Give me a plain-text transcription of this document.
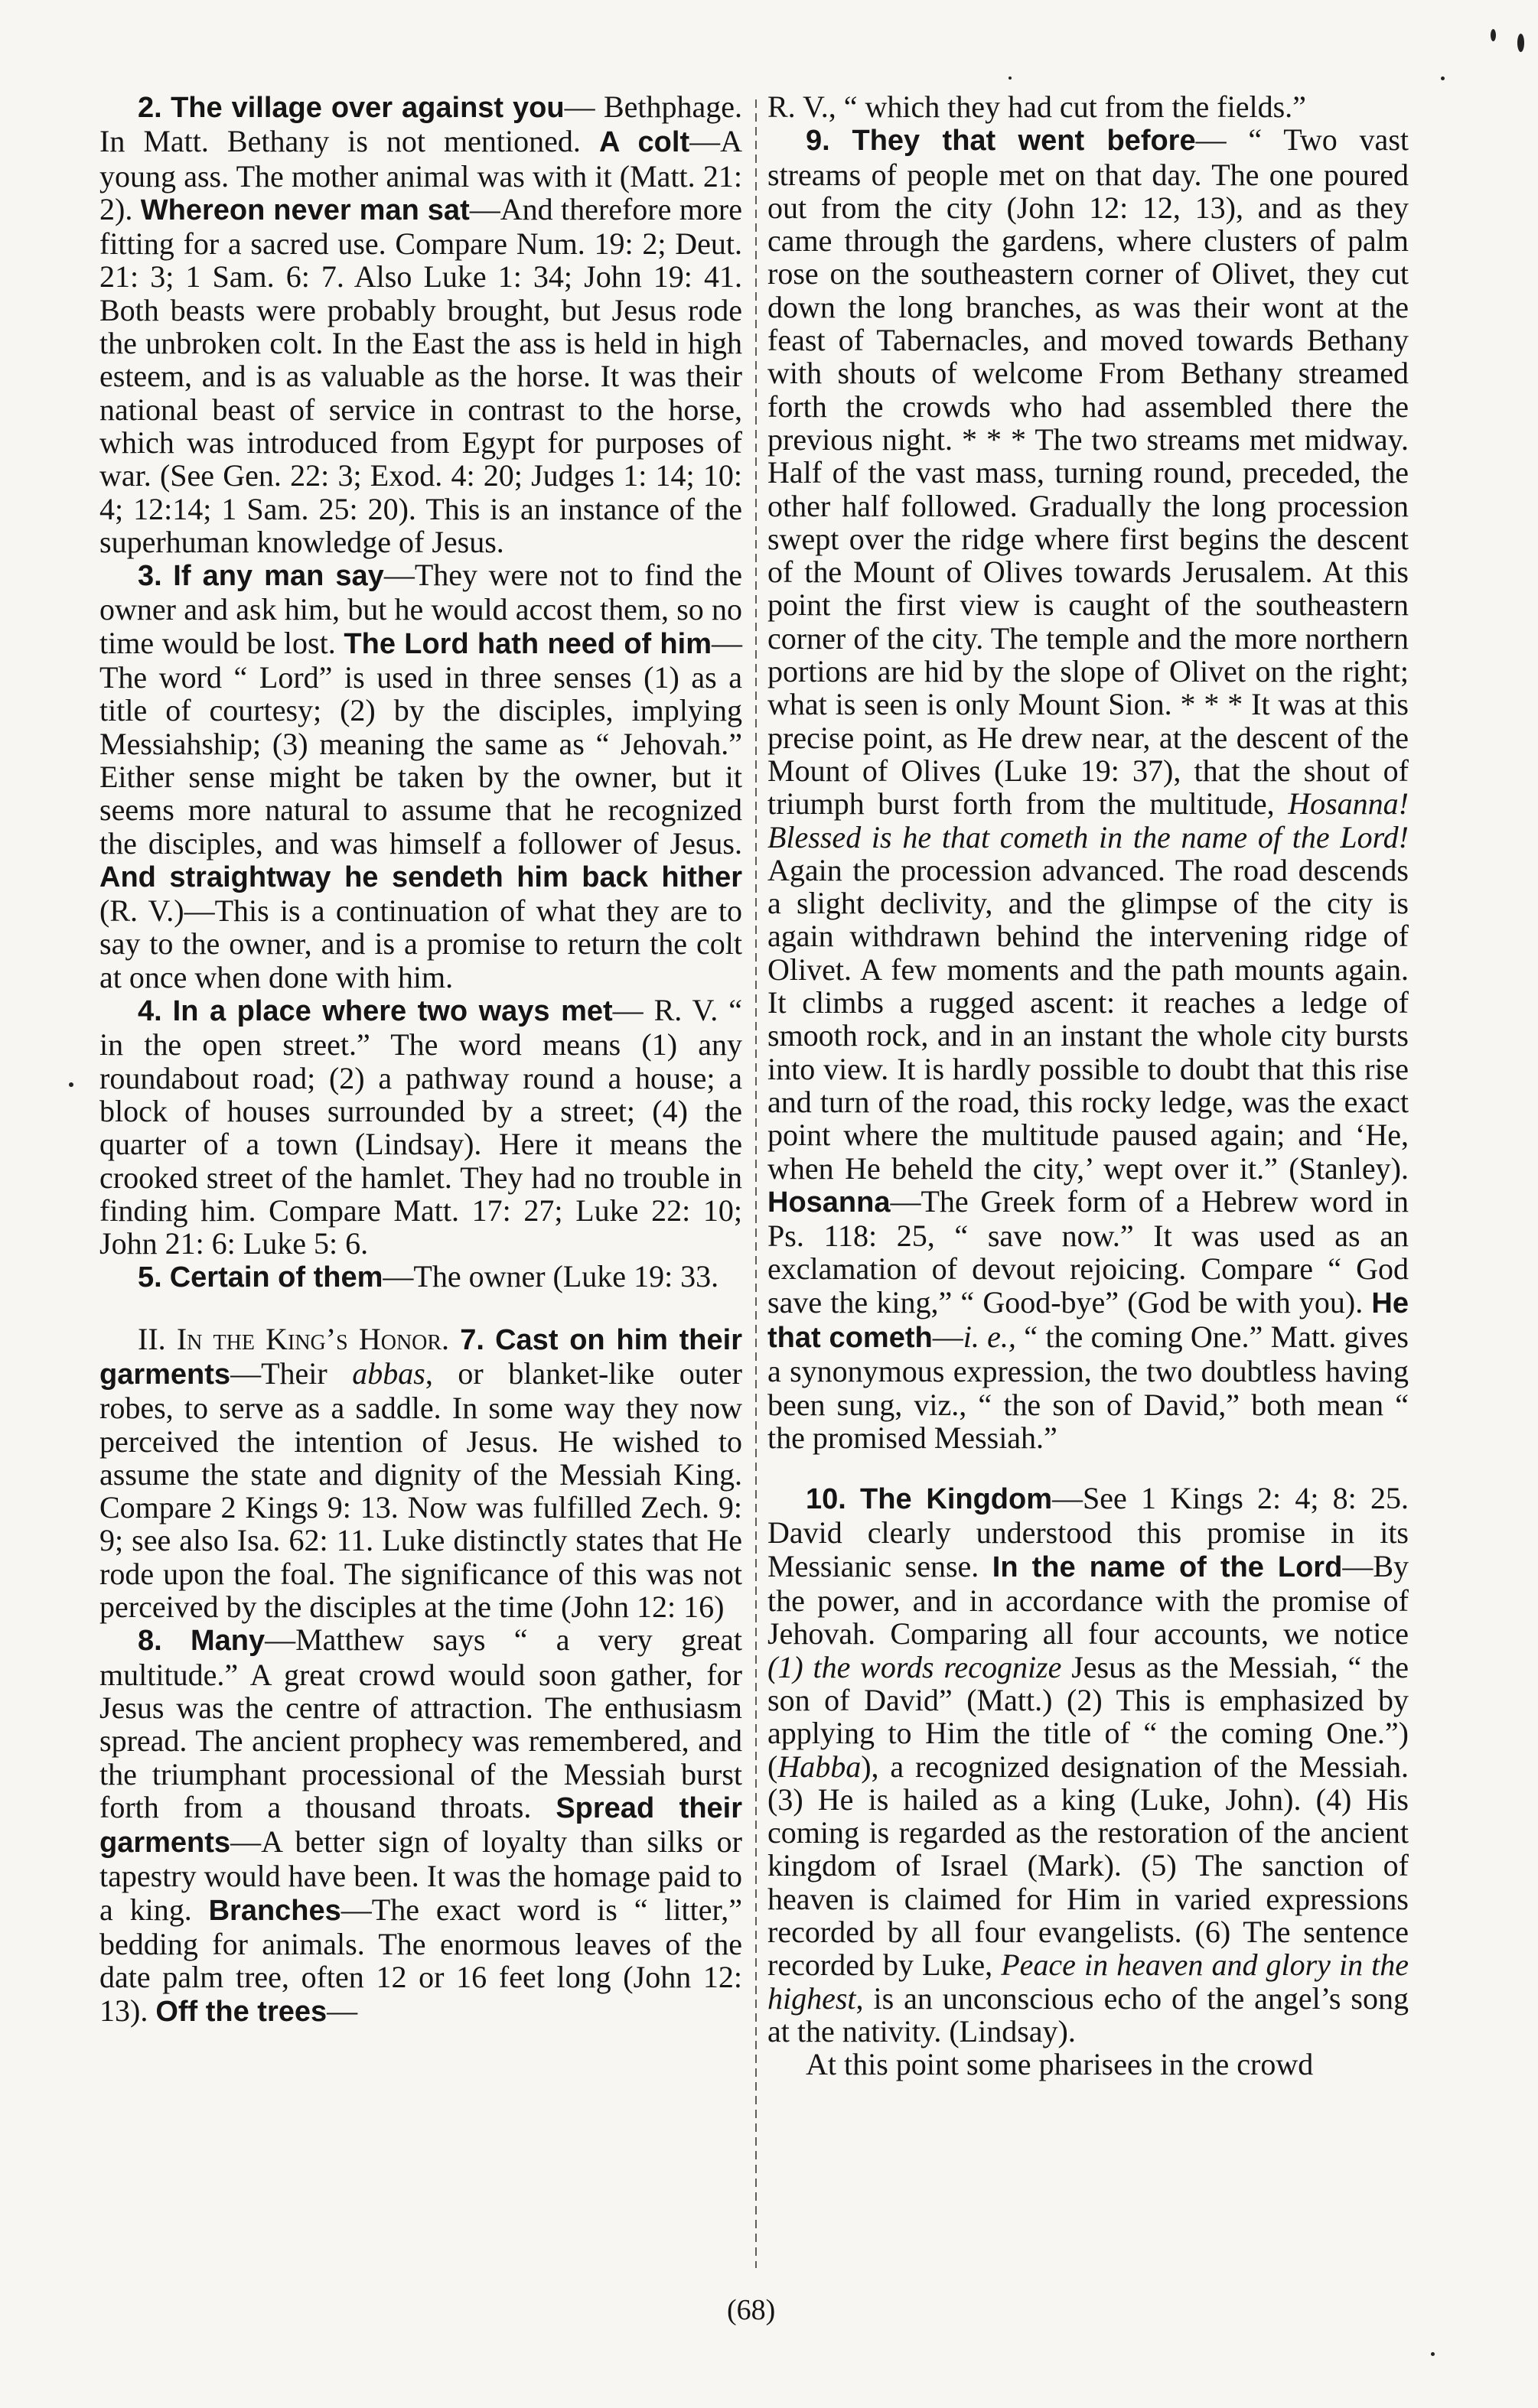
2. The village over against you— Bethphage. In Matt. Bethany is not mentioned. A colt—A young ass. The mother animal was with it (Matt. 21: 2). Whereon never man sat—And therefore more fitting for a sacred use. Compare Num. 19: 2; Deut. 21: 3; 1 Sam. 6: 7. Also Luke 1: 34; John 19: 41. Both beasts were probably brought, but Jesus rode the unbroken colt. In the East the ass is held in high esteem, and is as valuable as the horse. It was their national beast of service in contrast to the horse, which was introduced from Egypt for purposes of war. (See Gen. 22: 3; Exod. 4: 20; Judges 1: 14; 10: 4; 12:14; 1 Sam. 25: 20). This is an instance of the superhuman knowledge of Jesus.

3. If any man say—They were not to find the owner and ask him, but he would accost them, so no time would be lost. The Lord hath need of him—The word “ Lord” is used in three senses (1) as a title of courtesy; (2) by the disciples, implying Messiahship; (3) meaning the same as “ Jehovah.” Either sense might be taken by the owner, but it seems more natural to assume that he recognized the disciples, and was himself a follower of Jesus. And straightway he sendeth him back hither (R. V.)—This is a continuation of what they are to say to the owner, and is a promise to return the colt at once when done with him.

4. In a place where two ways met— R. V. “ in the open street.” The word means (1) any roundabout road; (2) a pathway round a house; a block of houses surrounded by a street; (4) the quarter of a town (Lindsay). Here it means the crooked street of the hamlet. They had no trouble in finding him. Compare Matt. 17: 27; Luke 22: 10; John 21: 6: Luke 5: 6.

5. Certain of them—The owner (Luke 19: 33.

II. In the King’s Honor. 7. Cast on him their garments—Their abbas, or blanket-like outer robes, to serve as a saddle. In some way they now perceived the intention of Jesus. He wished to assume the state and dignity of the Messiah King. Compare 2 Kings 9: 13. Now was fulfilled Zech. 9: 9; see also Isa. 62: 11. Luke distinctly states that He rode upon the foal. The significance of this was not perceived by the disciples at the time (John 12: 16)

8. Many—Matthew says “ a very great multitude.” A great crowd would soon gather, for Jesus was the centre of attraction. The enthusiasm spread. The ancient prophecy was remembered, and the triumphant processional of the Messiah burst forth from a thousand throats. Spread their garments—A better sign of loyalty than silks or tapestry would have been. It was the homage paid to a king. Branches—The exact word is “ litter,” bedding for animals. The enormous leaves of the date palm tree, often 12 or 16 feet long (John 12: 13). Off the trees—

R. V., “ which they had cut from the fields.”

9. They that went before— “ Two vast streams of people met on that day. The one poured out from the city (John 12: 12, 13), and as they came through the gardens, where clusters of palm rose on the southeastern corner of Olivet, they cut down the long branches, as was their wont at the feast of Tabernacles, and moved towards Bethany with shouts of welcome From Bethany streamed forth the crowds who had assembled there the previous night. * * * The two streams met midway. Half of the vast mass, turning round, preceded, the other half followed. Gradually the long procession swept over the ridge where first begins the descent of the Mount of Olives towards Jerusalem. At this point the first view is caught of the southeastern corner of the city. The temple and the more northern portions are hid by the slope of Olivet on the right; what is seen is only Mount Sion. * * * It was at this precise point, as He drew near, at the descent of the Mount of Olives (Luke 19: 37), that the shout of triumph burst forth from the multitude, Hosanna! Blessed is he that cometh in the name of the Lord! Again the procession advanced. The road descends a slight declivity, and the glimpse of the city is again withdrawn behind the intervening ridge of Olivet. A few moments and the path mounts again. It climbs a rugged ascent: it reaches a ledge of smooth rock, and in an instant the whole city bursts into view. It is hardly possible to doubt that this rise and turn of the road, this rocky ledge, was the exact point where the multitude paused again; and ‘He, when He beheld the city,’ wept over it.” (Stanley). Hosanna—The Greek form of a Hebrew word in Ps. 118: 25, “ save now.” It was used as an exclamation of devout rejoicing. Compare “ God save the king,” “ Good-bye” (God be with you). He that cometh—i. e., “ the coming One.” Matt. gives a synonymous expression, the two doubtless having been sung, viz., “ the son of David,” both mean “ the promised Messiah.”

10. The Kingdom—See 1 Kings 2: 4; 8: 25. David clearly understood this promise in its Messianic sense. In the name of the Lord—By the power, and in accordance with the promise of Jehovah. Comparing all four accounts, we notice (1) the words recognize Jesus as the Messiah, “ the son of David” (Matt.) (2) This is emphasized by applying to Him the title of “ the coming One.”) (Habba), a recognized designation of the Messiah. (3) He is hailed as a king (Luke, John). (4) His coming is regarded as the restoration of the ancient kingdom of Israel (Mark). (5) The sanction of heaven is claimed for Him in varied expressions recorded by all four evangelists. (6) The sentence recorded by Luke, Peace in heaven and glory in the highest, is an unconscious echo of the angel’s song at the nativity. (Lindsay).

At this point some pharisees in the crowd

(68)
